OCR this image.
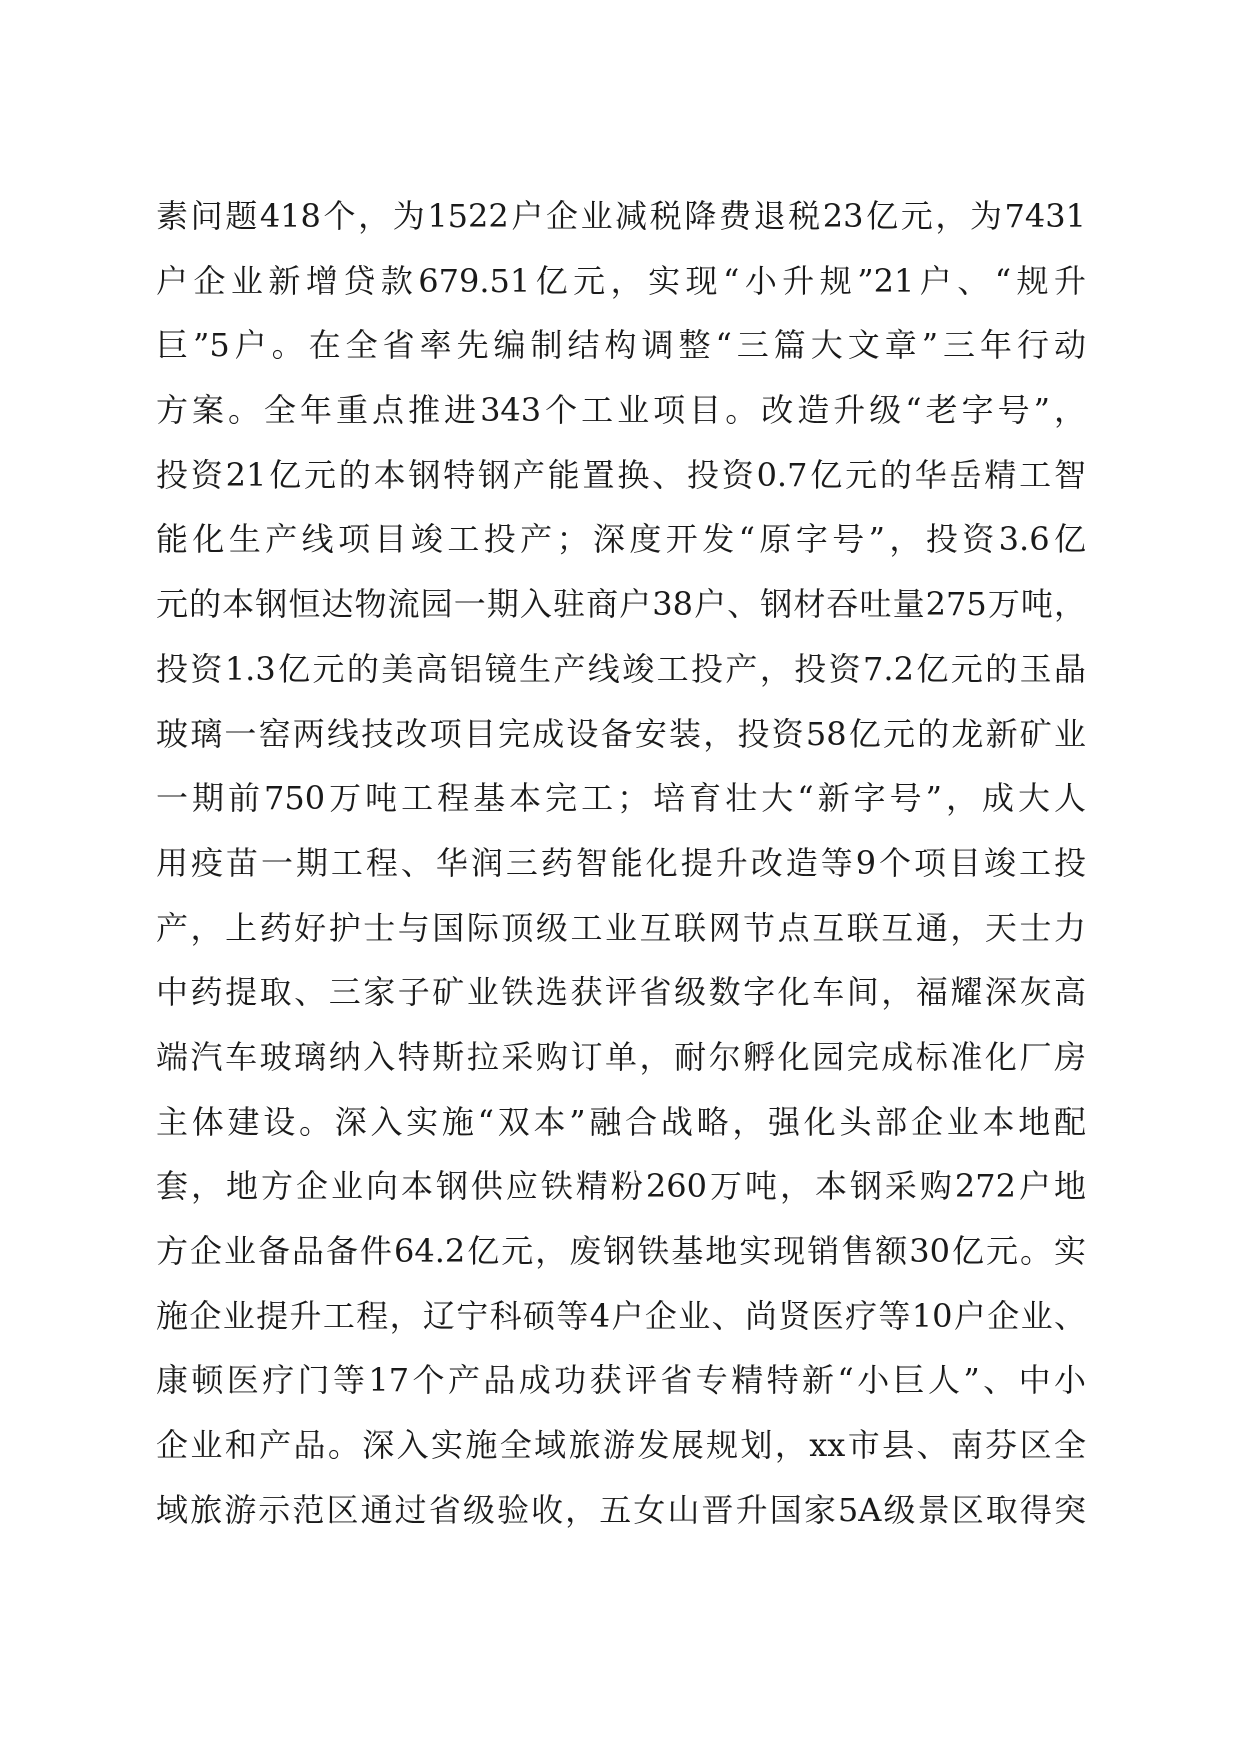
素问题418个，为1522户企业减税降费退税23亿元，为7431
户企业新增贷款679.51亿元，实现“小升规”21户、“规升
巨”5户。在全省率先编制结构调整“三篇大文章”三年行动
方案。全年重点推进343个工业项目。改造升级“老字号”，
投资21亿元的本钢特钢产能置换、投资0.7亿元的华岳精工智
能化生产线项目竣工投产；深度开发“原字号”，投资3.6亿
元的本钢恒达物流园一期入驻商户38户、钢材吞吐量275万吨，
投资1.3亿元的美高铝镜生产线竣工投产，投资7.2亿元的玉晶
玻璃一窑两线技改项目完成设备安装，投资58亿元的龙新矿业
一期前750万吨工程基本完工；培育壮大“新字号”，成大人
用疫苗一期工程、华润三药智能化提升改造等9个项目竣工投
产，上药好护士与国际顶级工业互联网节点互联互通，天士力
中药提取、三家子矿业铁选获评省级数字化车间，福耀深灰高
端汽车玻璃纳入特斯拉采购订单，耐尔孵化园完成标准化厂房
主体建设。深入实施“双本”融合战略，强化头部企业本地配
套，地方企业向本钢供应铁精粉260万吨，本钢采购272户地
方企业备品备件64.2亿元，废钢铁基地实现销售额30亿元。实
施企业提升工程，辽宁科硕等4户企业、尚贤医疗等10户企业、
康顿医疗门等17个产品成功获评省专精特新“小巨人”、中小
企业和产品。深入实施全域旅游发展规划，xx市县、南芬区全
域旅游示范区通过省级验收，五女山晋升国家5A级景区取得突
